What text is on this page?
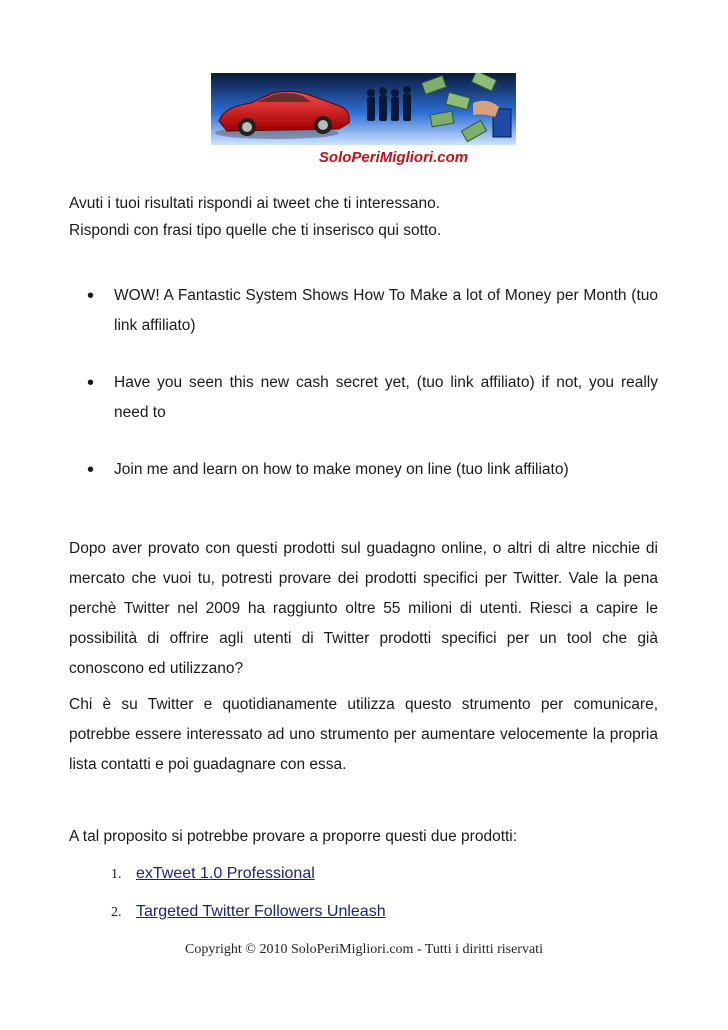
SoloPeriMigliori.com

Avuti i tuoi risultati rispondi ai tweet che ti interessano.

Rispondi con frasi tipo quelle che ti inserisco qui sotto.

• WOW! A Fantastic System Shows How To Make a lot of Money per Month (tuo link affiliato)
• Have you seen this new cash secret yet, (tuo link affiliato) if not, you really need to
• Join me and learn on how to make money on line (tuo link affiliato)

Dopo aver provato con questi prodotti sul guadagno online, o altri di altre nicchie di mercato che vuoi tu, potresti provare dei prodotti specifici per Twitter. Vale la pena perchè Twitter nel 2009 ha raggiunto oltre 55 milioni di utenti. Riesci a capire le possibilità di offrire agli utenti di Twitter prodotti specifici per un tool che già conoscono ed utilizzano?

Chi è su Twitter e quotidianamente utilizza questo strumento per comunicare, potrebbe essere interessato ad uno strumento per aumentare velocemente la propria lista contatti e poi guadagnare con essa.

A tal proposito si potrebbe provare a proporre questi due prodotti:

1. exTweet 1.0 Professional
2. Targeted Twitter Followers Unleash
Copyright © 2010 SoloPeriMigliori.com - Tutti i diritti riservati
